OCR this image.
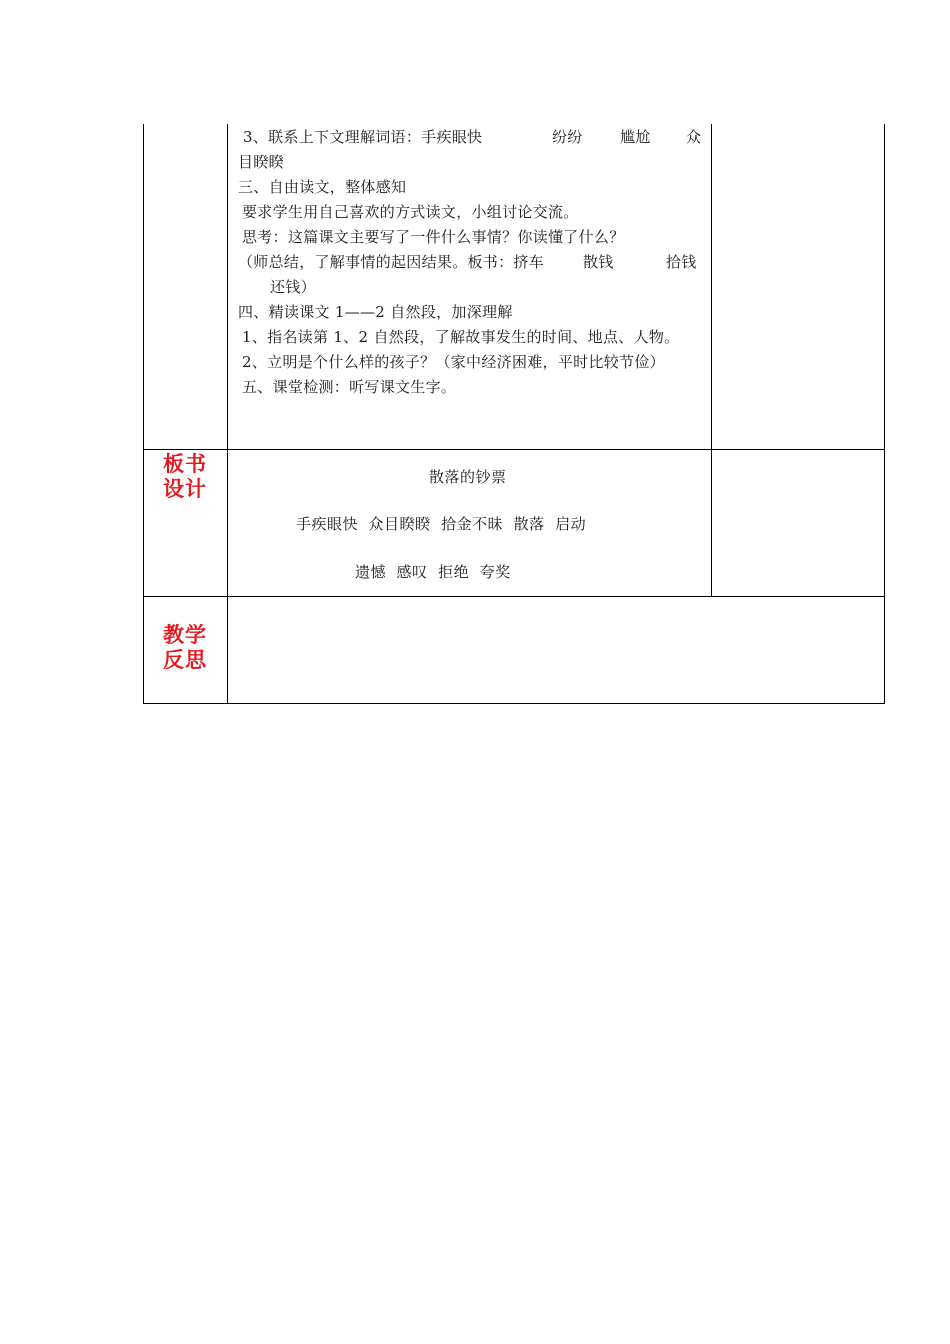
3、联系上下文理解词语：手疾眼快	纷纷 尴尬 众
目睽睽
三、自由读文，整体感知
要求学生用自己喜欢的方式读文，小组讨论交流。
思考：这篇课文主要写了一件什么事情？你读懂了什么？
（师总结，了解事情的起因结果。板书：挤车	散钱	拾钱
还钱）
四、精读课文 1——2 自然段，加深理解
1、指名读第 1、2 自然段，了解故事发生的时间、地点、人物。
2、立明是个什么样的孩子？（家中经济困难，平时比较节俭）
五、课堂检测：听写课文生字。
板书
设计	散落的钞票
手疾眼快  众目睽睽  拾金不昧  散落  启动
遗憾  感叹  拒绝  夸奖
教学
反思
